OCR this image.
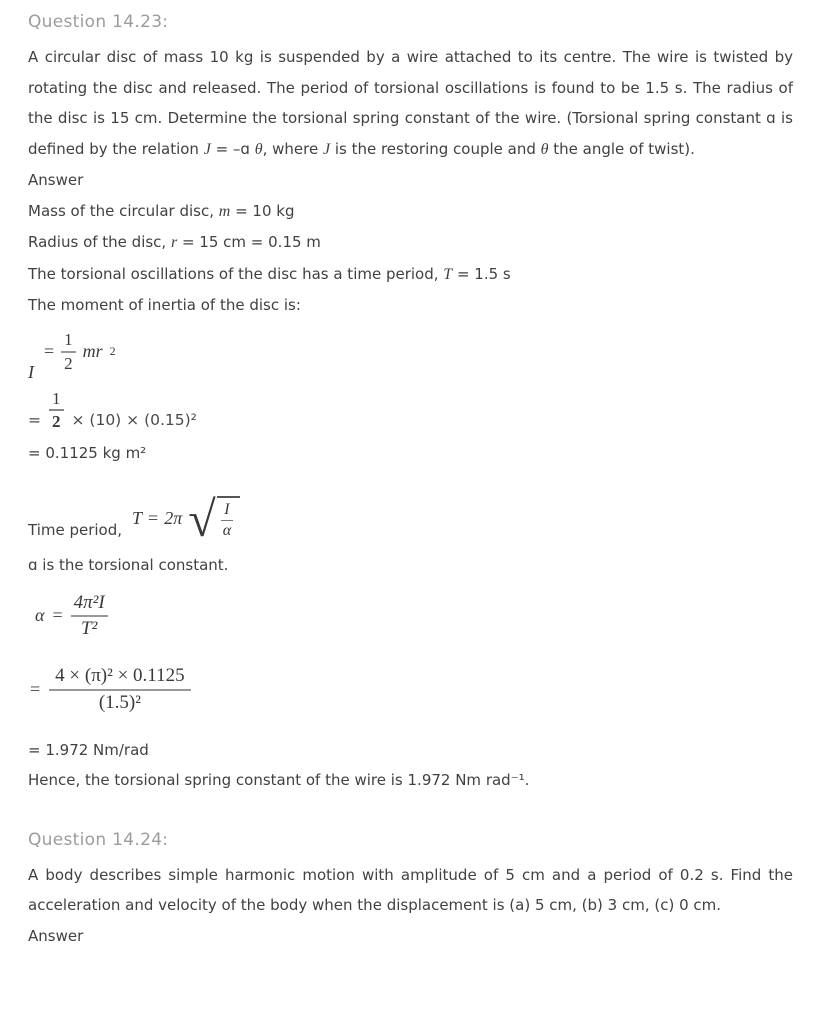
Question 14.23:

A circular disc of mass 10 kg is suspended by a wire attached to its centre. The wire is twisted by rotating the disc and released. The period of torsional oscillations is found to be 1.5 s. The radius of the disc is 15 cm. Determine the torsional spring constant of the wire. (Torsional spring constant ɑ is defined by the relation J = –ɑ θ, where J is the restoring couple and θ the angle of twist).

Answer
Mass of the circular disc, m = 10 kg
Radius of the disc, r = 15 cm = 0.15 m
The torsional oscillations of the disc has a time period, T = 1.5 s
The moment of inertia of the disc is:
I
= $\frac{1}{2}$ mr 2
= $\frac{1}{2} \times (10) \times (0.15)^2$
= 0.1125 kg m²
Time period,
T = 2π √ $\frac{I}{\alpha}$
ɑ is the torsional constant.
$\alpha = \frac{\text{4π²I}}{\text{T²}}$
= $\frac{\text{4 × (π)² × 0.1125}}{\text{(1.5)²}}$
= 1.972 Nm/rad
Hence, the torsional spring constant of the wire is 1.972 Nm rad⁻¹.
Question 14.24:

A body describes simple harmonic motion with amplitude of 5 cm and a period of 0.2 s. Find the acceleration and velocity of the body when the displacement is (a) 5 cm, (b) 3 cm, (c) 0 cm.

Answer
